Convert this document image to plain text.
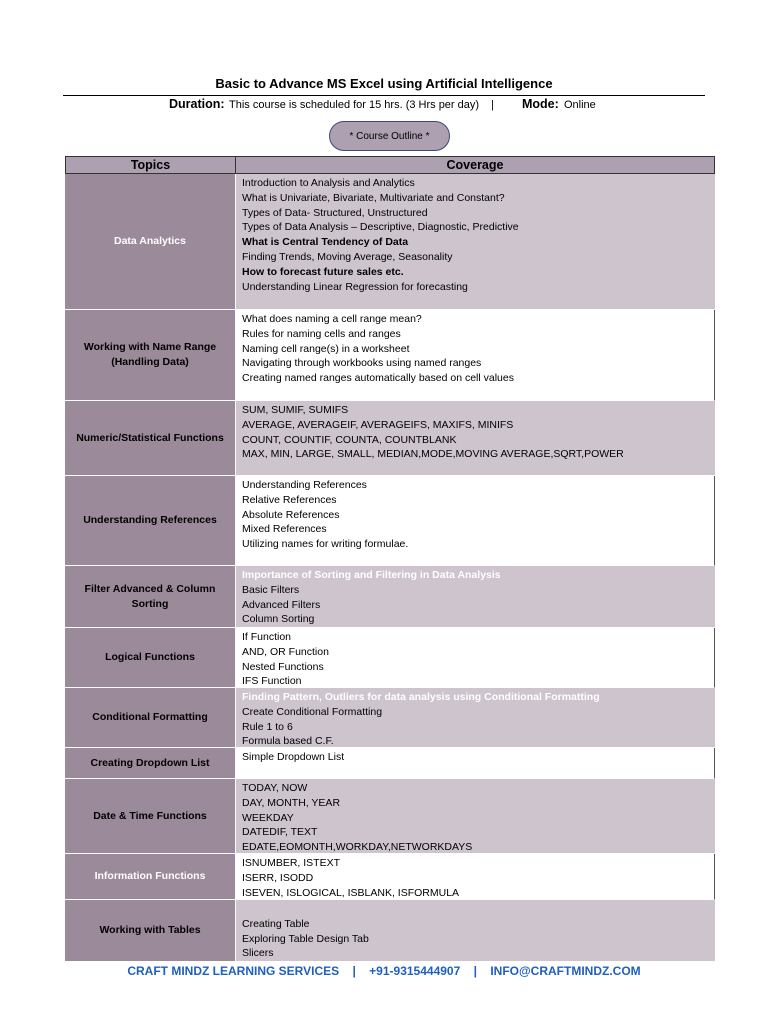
Basic to Advance MS Excel using Artificial Intelligence
Duration: This course is scheduled for 15 hrs. (3 Hrs per day) | Mode: Online
* Course Outline *
Topics	Coverage
Data Analytics
Introduction to Analysis and Analytics
What is Univariate, Bivariate, Multivariate and Constant?
Types of Data- Structured, Unstructured
Types of Data Analysis – Descriptive, Diagnostic, Predictive
What is Central Tendency of Data
Finding Trends, Moving Average, Seasonality
How to forecast future sales etc.
Understanding Linear Regression for forecasting
Working with Name Range (Handling Data)
What does naming a cell range mean?
Rules for naming cells and ranges
Naming cell range(s) in a worksheet
Navigating through workbooks using named ranges
Creating named ranges automatically based on cell values
Numeric/Statistical Functions
SUM, SUMIF, SUMIFS
AVERAGE, AVERAGEIF, AVERAGEIFS, MAXIFS, MINIFS
COUNT, COUNTIF, COUNTA, COUNTBLANK
MAX, MIN, LARGE, SMALL, MEDIAN,MODE,MOVING AVERAGE,SQRT,POWER
Understanding References
Understanding References
Relative References
Absolute References
Mixed References
Utilizing names for writing formulae.
Filter Advanced & Column Sorting
Importance of Sorting and Filtering in Data Analysis
Basic Filters
Advanced Filters
Column Sorting
Logical Functions
If Function
AND, OR Function
Nested Functions
IFS Function
Conditional Formatting
Finding Pattern, Outliers for data analysis using Conditional Formatting
Create Conditional Formatting
Rule 1 to 6
Formula based C.F.
Creating Dropdown List	Simple Dropdown List
Date & Time Functions
TODAY, NOW
DAY, MONTH, YEAR
WEEKDAY
DATEDIF, TEXT
EDATE,EOMONTH,WORKDAY,NETWORKDAYS
Information Functions
ISNUMBER, ISTEXT
ISERR, ISODD
ISEVEN, ISLOGICAL, ISBLANK, ISFORMULA
Working with Tables

Creating Table
Exploring Table Design Tab
Slicers
CRAFT MINDZ LEARNING SERVICES | +91-9315444907 | INFO@CRAFTMINDZ.COM
